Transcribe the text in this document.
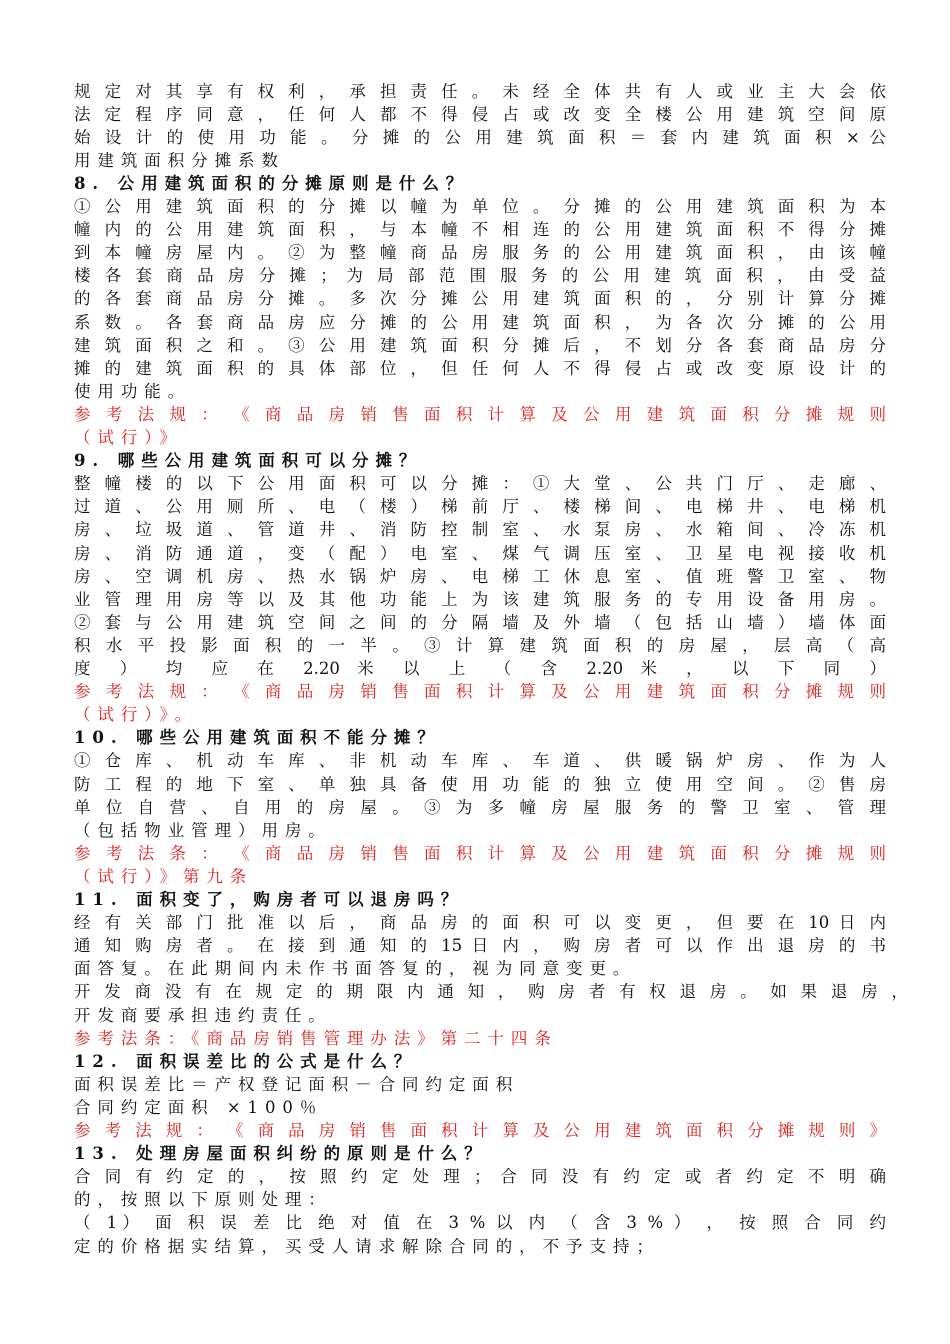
规 定 对 其 享 有 权 利 ， 承 担 责 任 。 未 经 全 体 共 有 人 或 业 主 大 会 依
法 定 程 序 同 意 ， 任 何 人 都 不 得 侵 占 或 改 变 全 楼 公 用 建 筑 空 间 原
始 设 计 的 使 用 功 能 。 分 摊 的 公 用 建 筑 面 积 ＝ 套 内 建 筑 面 积 × 公
用建筑面积分摊系数
8. 公用建筑面积的分摊原则是什么？
① 公 用 建 筑 面 积 的 分 摊 以 幢 为 单 位 。 分 摊 的 公 用 建 筑 面 积 为 本
幢 内 的 公 用 建 筑 面 积 ， 与 本 幢 不 相 连 的 公 用 建 筑 面 积 不 得 分 摊
到 本 幢 房 屋 内 。 ② 为 整 幢 商 品 房 服 务 的 公 用 建 筑 面 积 ， 由 该 幢
楼 各 套 商 品 房 分 摊 ； 为 局 部 范 围 服 务 的 公 用 建 筑 面 积 ， 由 受 益
的 各 套 商 品 房 分 摊 。 多 次 分 摊 公 用 建 筑 面 积 的 ， 分 别 计 算 分 摊
系 数 。 各 套 商 品 房 应 分 摊 的 公 用 建 筑 面 积 ， 为 各 次 分 摊 的 公 用
建 筑 面 积 之 和 。 ③ 公 用 建 筑 面 积 分 摊 后 ， 不 划 分 各 套 商 品 房 分
摊 的 建 筑 面 积 的 具 体 部 位 ， 但 任 何 人 不 得 侵 占 或 改 变 原 设 计 的
使用功能。
参 考 法 规 ： 《 商 品 房 销 售 面 积 计 算 及 公 用 建 筑 面 积 分 摊 规 则
（试行）》
9. 哪些公用建筑面积可以分摊？
整 幢 楼 的 以 下 公 用 面 积 可 以 分 摊 ： ① 大 堂 、 公 共 门 厅 、 走 廊 、
过 道 、 公 用 厕 所 、 电 （ 楼 ） 梯 前 厅 、 楼 梯 间 、 电 梯 井 、 电 梯 机
房 、 垃 圾 道 、 管 道 井 、 消 防 控 制 室 、 水 泵 房 、 水 箱 间 、 冷 冻 机
房 、 消 防 通 道 ， 变 （ 配 ） 电 室 、 煤 气 调 压 室 、 卫 星 电 视 接 收 机
房 、 空 调 机 房 、 热 水 锅 炉 房 、 电 梯 工 休 息 室 、 值 班 警 卫 室 、 物
业 管 理 用 房 等 以 及 其 他 功 能 上 为 该 建 筑 服 务 的 专 用 设 备 用 房 。
② 套 与 公 用 建 筑 空 间 之 间 的 分 隔 墙 及 外 墙 （ 包 括 山 墙 ） 墙 体 面
积 水 平 投 影 面 积 的 一 半 。 ③ 计 算 建 筑 面 积 的 房 屋 ， 层 高 （ 高
度 ） 均 应 在 2.20 米 以 上 （ 含 2.20 米 ， 以 下 同 ）
参 考 法 规 ： 《 商 品 房 销 售 面 积 计 算 及 公 用 建 筑 面 积 分 摊 规 则
（试行）》。
10. 哪些公用建筑面积不能分摊？
① 仓 库 、 机 动 车 库 、 非 机 动 车 库 、 车 道 、 供 暖 锅 炉 房 、 作 为 人
防 工 程 的 地 下 室 、 单 独 具 备 使 用 功 能 的 独 立 使 用 空 间 。 ② 售 房
单 位 自 营 、 自 用 的 房 屋 。 ③ 为 多 幢 房 屋 服 务 的 警 卫 室 、 管 理
（包括物业管理）用房。
参 考 法 条 ： 《 商 品 房 销 售 面 积 计 算 及 公 用 建 筑 面 积 分 摊 规 则
（试行）》第九条
11. 面积变了，购房者可以退房吗？
经 有 关 部 门 批 准 以 后 ， 商 品 房 的 面 积 可 以 变 更 ， 但 要 在 10 日 内
通 知 购 房 者 。 在 接 到 通 知 的 15 日 内 ， 购 房 者 可 以 作 出 退 房 的 书
面答复。在此期间内未作书面答复的，视为同意变更。
开 发 商 没 有 在 规 定 的 期 限 内 通 知 ， 购 房 者 有 权 退 房 。 如 果 退 房 ，
开发商要承担违约责任。
参考法条：《商品房销售管理办法》第二十四条
12. 面积误差比的公式是什么？
面积误差比＝产权登记面积－合同约定面积
合同约定面积 ×100％
参 考 法 规 ： 《 商 品 房 销 售 面 积 计 算 及 公 用 建 筑 面 积 分 摊 规 则 》
13. 处理房屋面积纠纷的原则是什么？
合 同 有 约 定 的 ， 按 照 约 定 处 理 ； 合 同 没 有 约 定 或 者 约 定 不 明 确
的，按照以下原则处理：
（ 1） 面 积 误 差 比 绝 对 值 在 3 % 以 内 （ 含 3 % ） ， 按 照 合 同 约
定的价格据实结算，买受人请求解除合同的，不予支持；
